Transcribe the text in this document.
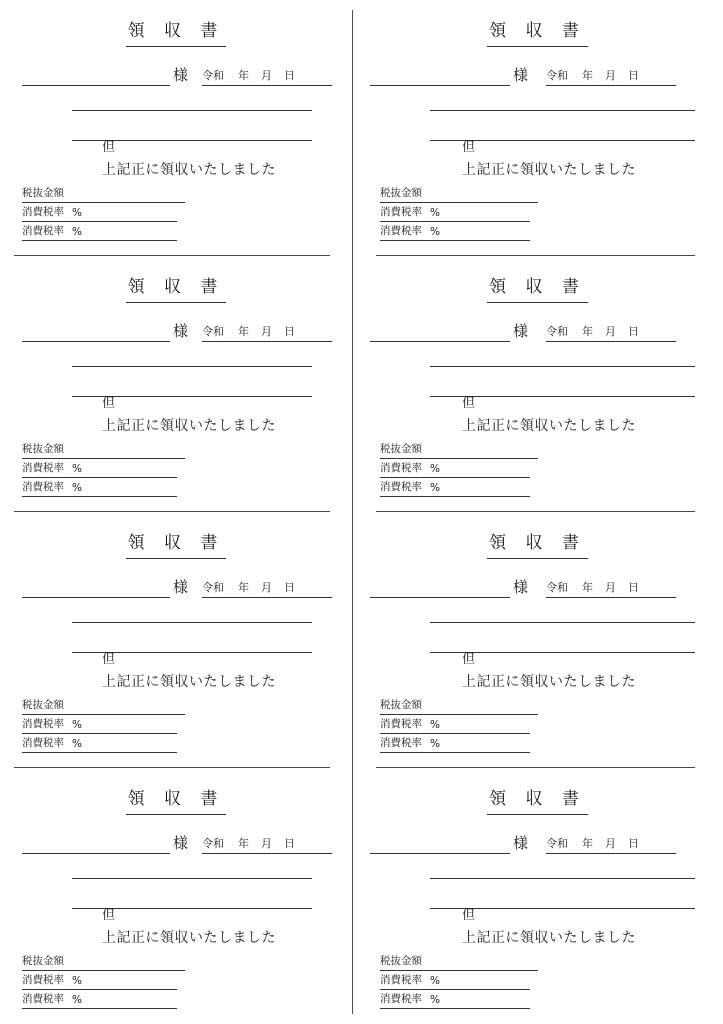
領 収 書
様 令和 年 月 日
但
上記正に領収いたしました
税抜金額
消費税率 %
消費税率 %
領 収 書
様 令和 年 月 日
但
上記正に領収いたしました
税抜金額
消費税率 %
消費税率 %
領 収 書
様 令和 年 月 日
但
上記正に領収いたしました
税抜金額
消費税率 %
消費税率 %
領 収 書
様 令和 年 月 日
但
上記正に領収いたしました
税抜金額
消費税率 %
消費税率 %
領 収 書
様 令和 年 月 日
但
上記正に領収いたしました
税抜金額
消費税率 %
消費税率 %
領 収 書
様 令和 年 月 日
但
上記正に領収いたしました
税抜金額
消費税率 %
消費税率 %
領 収 書
様 令和 年 月 日
但
上記正に領収いたしました
税抜金額
消費税率 %
消費税率 %
領 収 書
様 令和 年 月 日
但
上記正に領収いたしました
税抜金額
消費税率 %
消費税率 %
